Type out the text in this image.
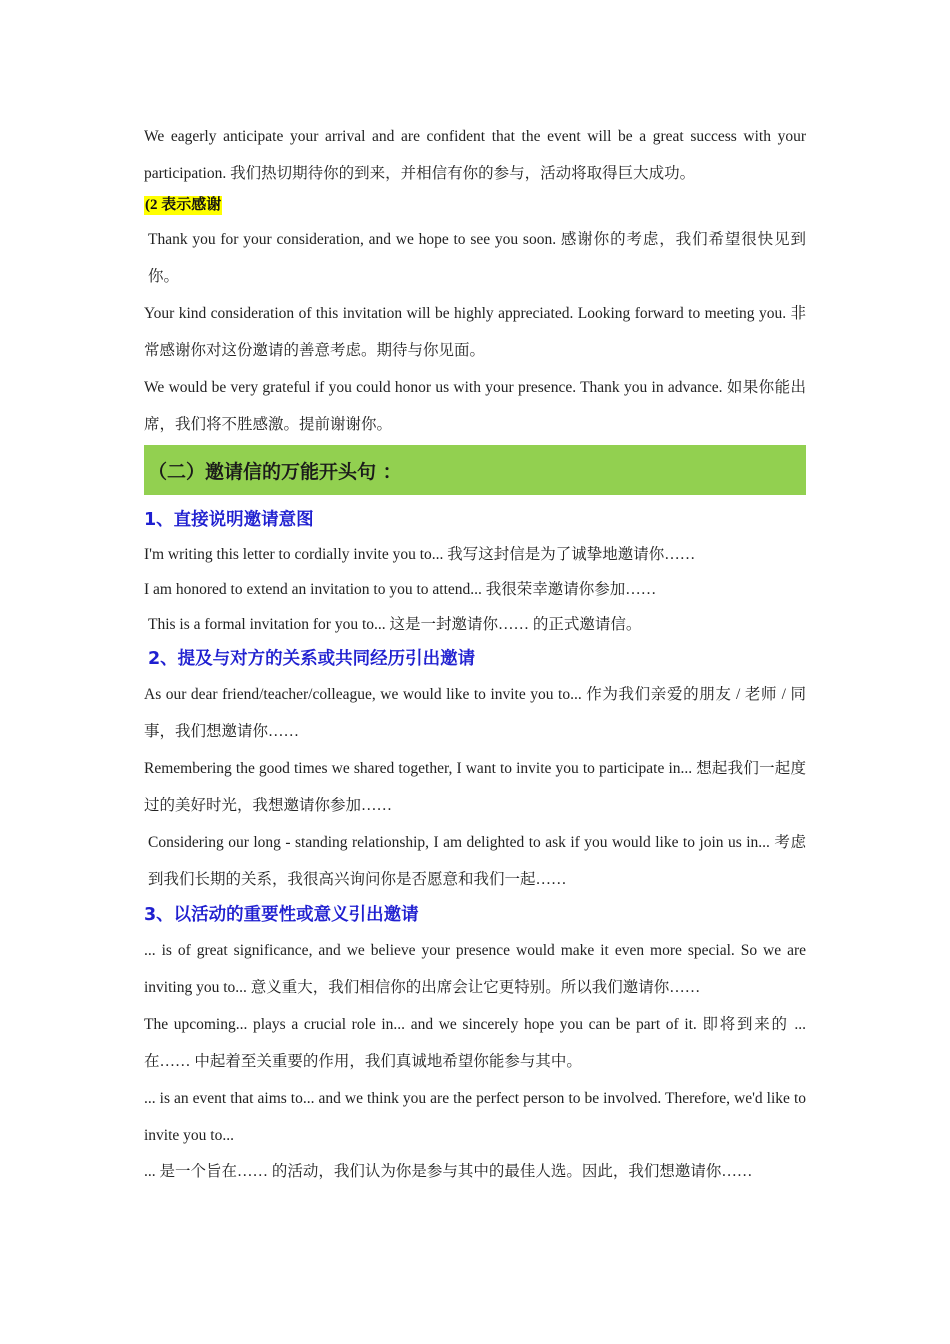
We eagerly anticipate your arrival and are confident that the event will be a great success with your participation. 我们热切期待你的到来，并相信有你的参与，活动将取得巨大成功。

(2 表示感谢

Thank you for your consideration, and we hope to see you soon. 感谢你的考虑，我们希望很快见到你。

Your kind consideration of this invitation will be highly appreciated. Looking forward to meeting you. 非常感谢你对这份邀请的善意考虑。期待与你见面。

We would be very grateful if you could honor us with your presence. Thank you in advance. 如果你能出席，我们将不胜感激。提前谢谢你。

（二）邀请信的万能开头句 ：
1、直接说明邀请意图

I'm writing this letter to cordially invite you to... 我写这封信是为了诚挚地邀请你……

I am honored to extend an invitation to you to attend... 我很荣幸邀请你参加……

This is a formal invitation for you to... 这是一封邀请你…… 的正式邀请信。

2、提及与对方的关系或共同经历引出邀请

As our dear friend/teacher/colleague, we would like to invite you to... 作为我们亲爱的朋友 / 老师 / 同事，我们想邀请你……

Remembering the good times we shared together, I want to invite you to participate in... 想起我们一起度过的美好时光，我想邀请你参加……

Considering our long - standing relationship, I am delighted to ask if you would like to join us in... 考虑到我们长期的关系，我很高兴询问你是否愿意和我们一起……

3、以活动的重要性或意义引出邀请

... is of great significance, and we believe your presence would make it even more special. So we are inviting you to... 意义重大，我们相信你的出席会让它更特别。所以我们邀请你……

The upcoming... plays a crucial role in... and we sincerely hope you can be part of it. 即将到来的 ... 在…… 中起着至关重要的作用，我们真诚地希望你能参与其中。

... is an event that aims to... and we think you are the perfect person to be involved. Therefore, we'd like to invite you to...

... 是一个旨在…… 的活动，我们认为你是参与其中的最佳人选。因此，我们想邀请你……
